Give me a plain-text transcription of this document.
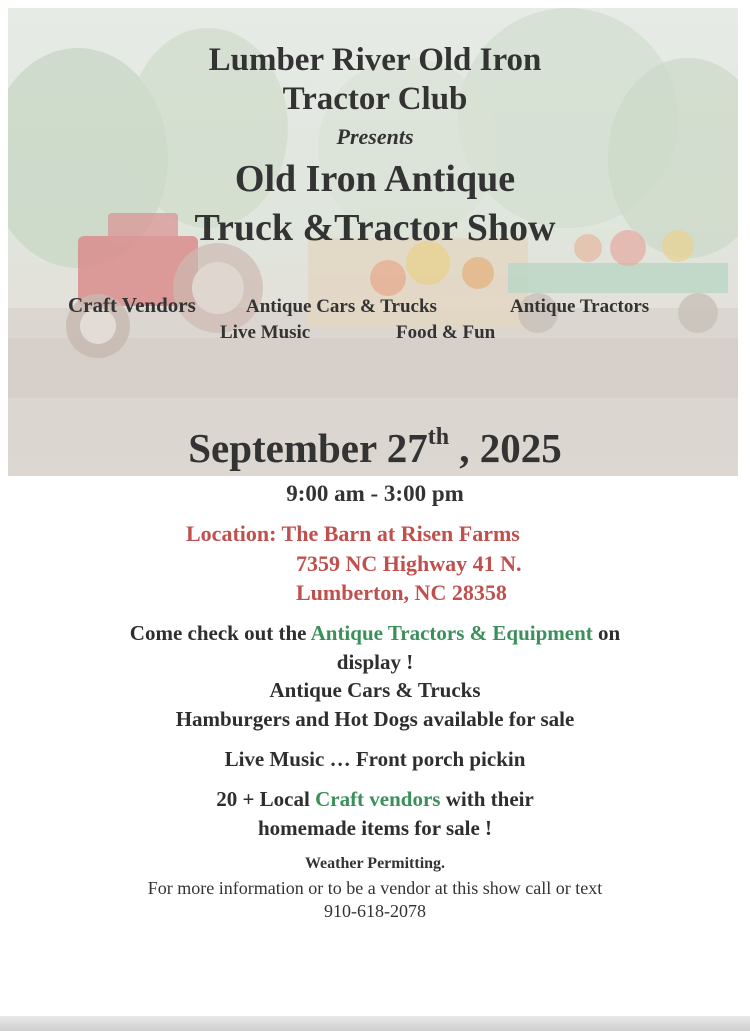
Lumber River Old Iron
Tractor Club
Presents
Old Iron Antique
Truck &Tractor Show
Craft Vendors	Antique Cars & Trucks	Antique Tractors
Live Music	Food & Fun
September 27th , 2025
9:00 am - 3:00 pm
Location: The Barn at Risen Farms
7359 NC Highway 41 N.
Lumberton, NC 28358
Come check out the Antique Tractors & Equipment on
display !
Antique Cars & Trucks
Hamburgers and Hot Dogs available for sale
Live Music … Front porch pickin
20 + Local Craft vendors with their
homemade items for sale !
Weather Permitting.
For more information or to be a vendor at this show call or text
910-618-2078
